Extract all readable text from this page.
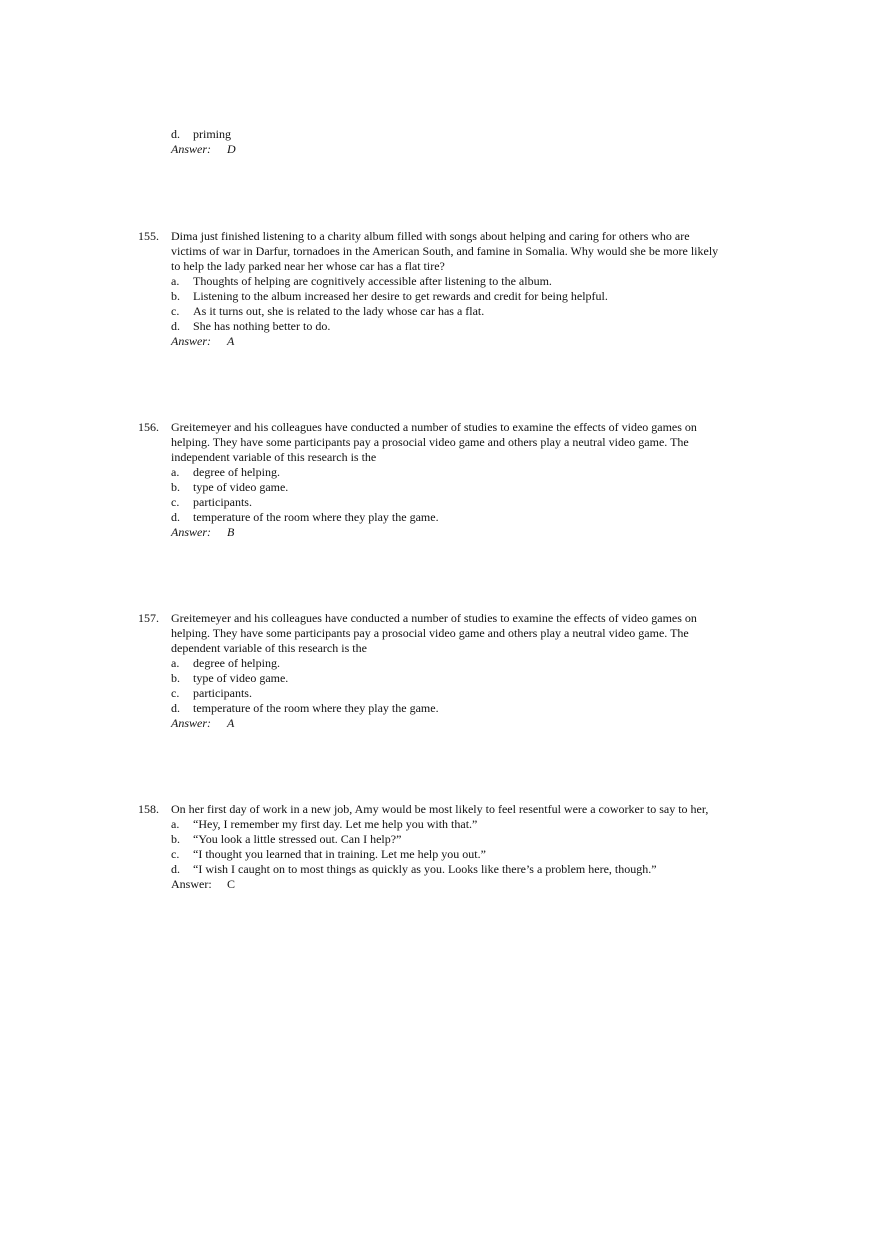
d. priming
Answer: D
155. Dima just finished listening to a charity album filled with songs about helping and caring for others who are
victims of war in Darfur, tornadoes in the American South, and famine in Somalia. Why would she be more likely
to help the lady parked near her whose car has a flat tire?
a. Thoughts of helping are cognitively accessible after listening to the album.
b. Listening to the album increased her desire to get rewards and credit for being helpful.
c. As it turns out, she is related to the lady whose car has a flat.
d. She has nothing better to do.
Answer: A
156. Greitemeyer and his colleagues have conducted a number of studies to examine the effects of video games on
helping. They have some participants pay a prosocial video game and others play a neutral video game. The
independent variable of this research is the
a. degree of helping.
b. type of video game.
c. participants.
d. temperature of the room where they play the game.
Answer: B
157. Greitemeyer and his colleagues have conducted a number of studies to examine the effects of video games on
helping. They have some participants pay a prosocial video game and others play a neutral video game. The
dependent variable of this research is the
a. degree of helping.
b. type of video game.
c. participants.
d. temperature of the room where they play the game.
Answer: A
158. On her first day of work in a new job, Amy would be most likely to feel resentful were a coworker to say to her,
a. “Hey, I remember my first day. Let me help you with that.”
b. “You look a little stressed out. Can I help?”
c. “I thought you learned that in training. Let me help you out.”
d. “I wish I caught on to most things as quickly as you. Looks like there’s a problem here, though.”
Answer: C
